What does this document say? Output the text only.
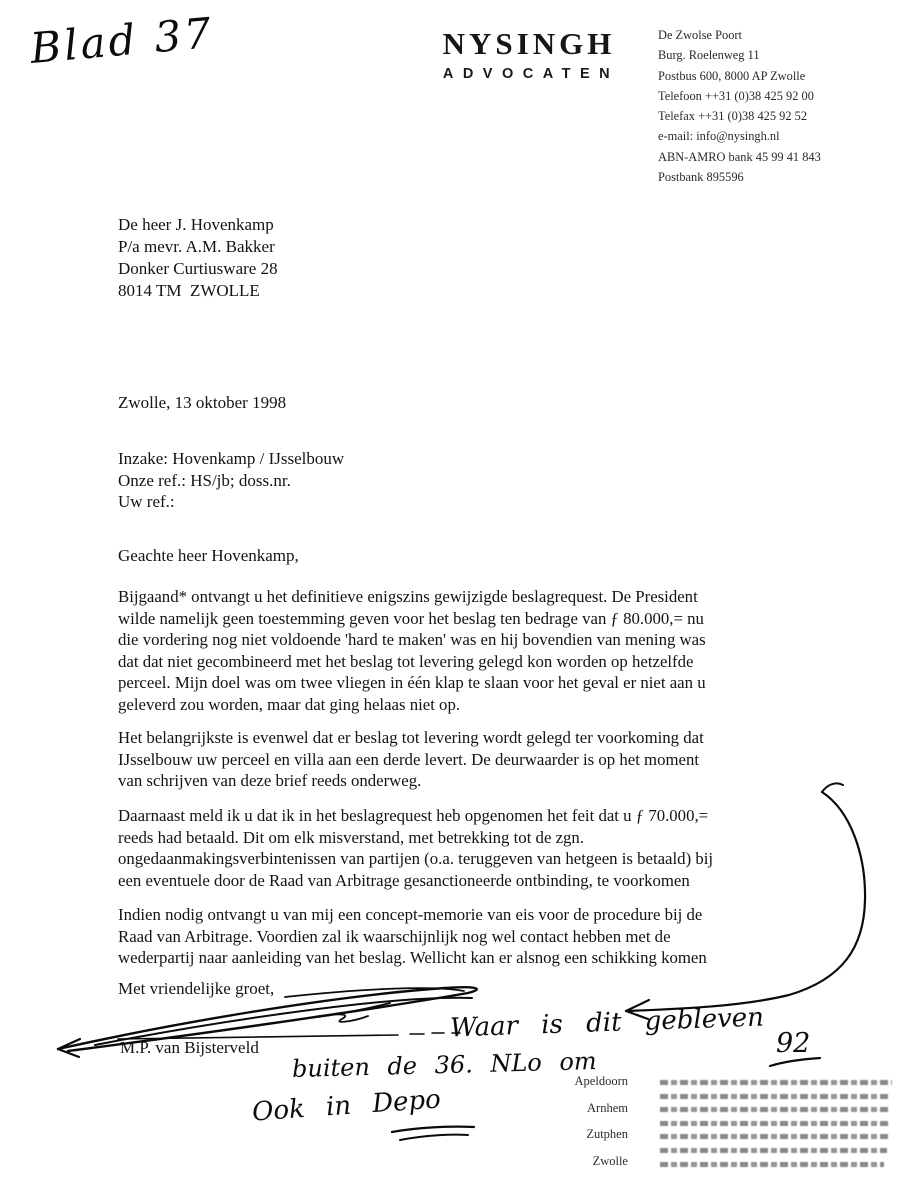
Blad 37	NYSINGH
ADVOCATEN
De Zwolse Poort
Burg. Roelenweg 11
Postbus 600, 8000 AP Zwolle
Telefoon ++31 (0)38 425 92 00
Telefax ++31 (0)38 425 92 52
e-mail: info@nysingh.nl
ABN-AMRO bank 45 99 41 843
Postbank 895596
De heer J. Hovenkamp
P/a mevr. A.M. Bakker
Donker Curtiusware 28
8014 TM  ZWOLLE
Zwolle, 13 oktober 1998
Inzake: Hovenkamp / IJsselbouw
Onze ref.: HS/jb; doss.nr.
Uw ref.:
Geachte heer Hovenkamp,
Bijgaand* ontvangt u het definitieve enigszins gewijzigde beslagrequest. De President
wilde namelijk geen toestemming geven voor het beslag ten bedrage van ƒ 80.000,= nu
die vordering nog niet voldoende 'hard te maken' was en hij bovendien van mening was
dat dat niet gecombineerd met het beslag tot levering gelegd kon worden op hetzelfde
perceel. Mijn doel was om twee vliegen in één klap te slaan voor het geval er niet aan u
geleverd zou worden, maar dat ging helaas niet op.
Het belangrijkste is evenwel dat er beslag tot levering wordt gelegd ter voorkoming dat
IJsselbouw uw perceel en villa aan een derde levert. De deurwaarder is op het moment
van schrijven van deze brief reeds onderweg.
Daarnaast meld ik u dat ik in het beslagrequest heb opgenomen het feit dat u ƒ 70.000,=
reeds had betaald. Dit om elk misverstand, met betrekking tot de zgn.
ongedaanmakingsverbintenissen van partijen (o.a. teruggeven van hetgeen is betaald) bij
een eventuele door de Raad van Arbitrage gesanctioneerde ontbinding, te voorkomen
Indien nodig ontvangt u van mij een concept-memorie van eis voor de procedure bij de
Raad van Arbitrage. Voordien zal ik waarschijnlijk nog wel contact hebben met de
wederpartij naar aanleiding van het beslag. Wellicht kan er alsnog een schikking komen
Met vriendelijke groet,
M.P. van Bijsterveld
Waar is dit gebleven
92
buiten de 36. NLo om
Ook in Depo
Apeldoorn
Arnhem
Zutphen
Zwolle
